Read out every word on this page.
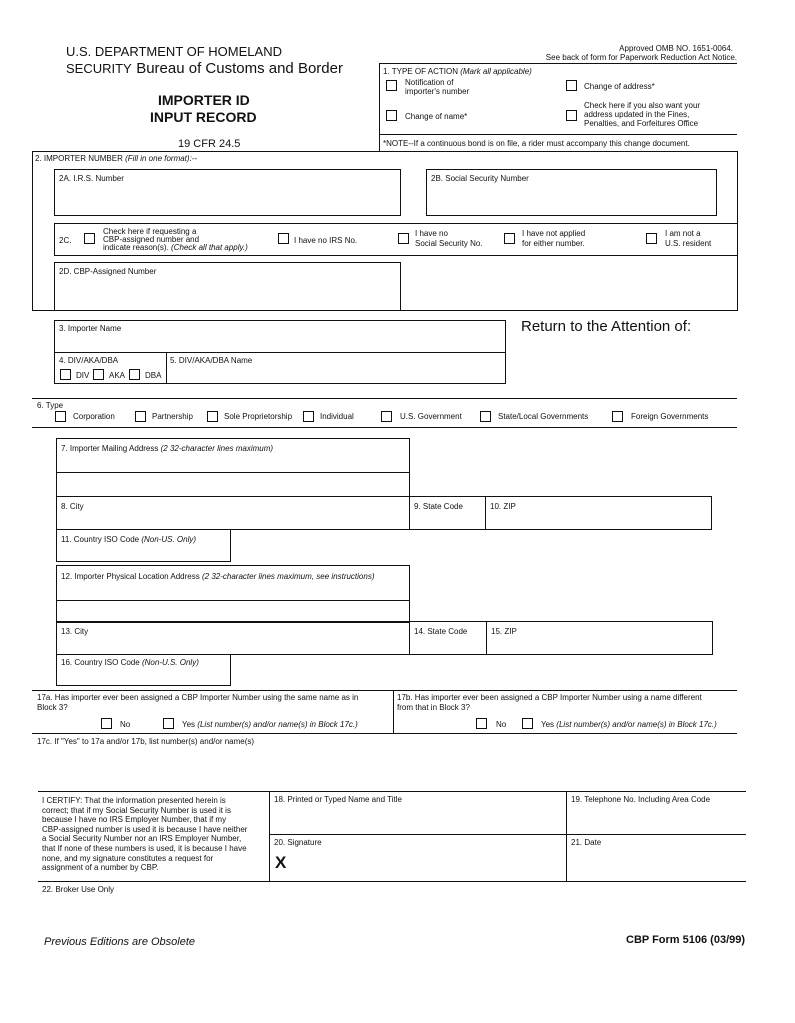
U.S. DEPARTMENT OF HOMELAND
SECURITY Bureau of Customs and Border
IMPORTER ID
INPUT RECORD
19 CFR 24.5
Approved OMB NO. 1651-0064.
See back of form for Paperwork Reduction Act Notice.
1. TYPE OF ACTION (Mark all applicable)
Notification of
importer's number
Change of name*
Change of address*
Check here if you also want your
address updated in the Fines,
Penalties, and Forfeitures Office
*NOTE--If a continuous bond is on file, a rider must accompany this change document.
2. IMPORTER NUMBER (Fill in one format):--
2A. I.R.S. Number	2B. Social Security Number
2C.
Check here if requesting a
CBP-assigned number and
indicate reason(s). (Check all that apply.)
I have no IRS No.
I have no
Social Security No.
I have not applied
for either number.
I am not a
U.S. resident
2D. CBP-Assigned Number
3. Importer Name	Return to the Attention of:
4. DIV/AKA/DBA
DIV AKA DBA
5. DIV/AKA/DBA Name
6. Type
Corporation	Partnership	Sole Proprietorship	Individual	U.S. Government	State/Local Governments	Foreign Governments
7. Importer Mailing Address (2 32-character lines maximum)
8. City	9. State Code	10. ZIP
11. Country ISO Code (Non-US. Only)
12. Importer Physical Location Address (2 32-character lines maximum, see instructions)
13. City	14. State Code	15. ZIP
16. Country ISO Code (Non-U.S. Only)
17a. Has importer ever been assigned a CBP Importer Number using the same name as in
Block 3?
17b. Has importer ever been assigned a CBP Importer Number using a name different
from that in Block 3?
No	Yes (List number(s) and/or name(s) in Block 17c.)	No	Yes (List number(s) and/or name(s) in Block 17c.)
17c. If "Yes" to 17a and/or 17b, list number(s) and/or name(s)
I CERTIFY: That the information presented herein is
correct; that if my Social Security Number is used it is
because I have no IRS Employer Number, that if my
CBP-assigned number is used it is because I have neither
a Social Security Number nor an IRS Employer Number,
that If none of these numbers is used, it is because I have
none, and my signature constitutes a request for
assignment of a number by CBP.
18. Printed or Typed Name and Title	19. Telephone No. Including Area Code
20. Signature
X
21. Date
22. Broker Use Only
Previous Editions are Obsolete	CBP Form 5106 (03/99)
